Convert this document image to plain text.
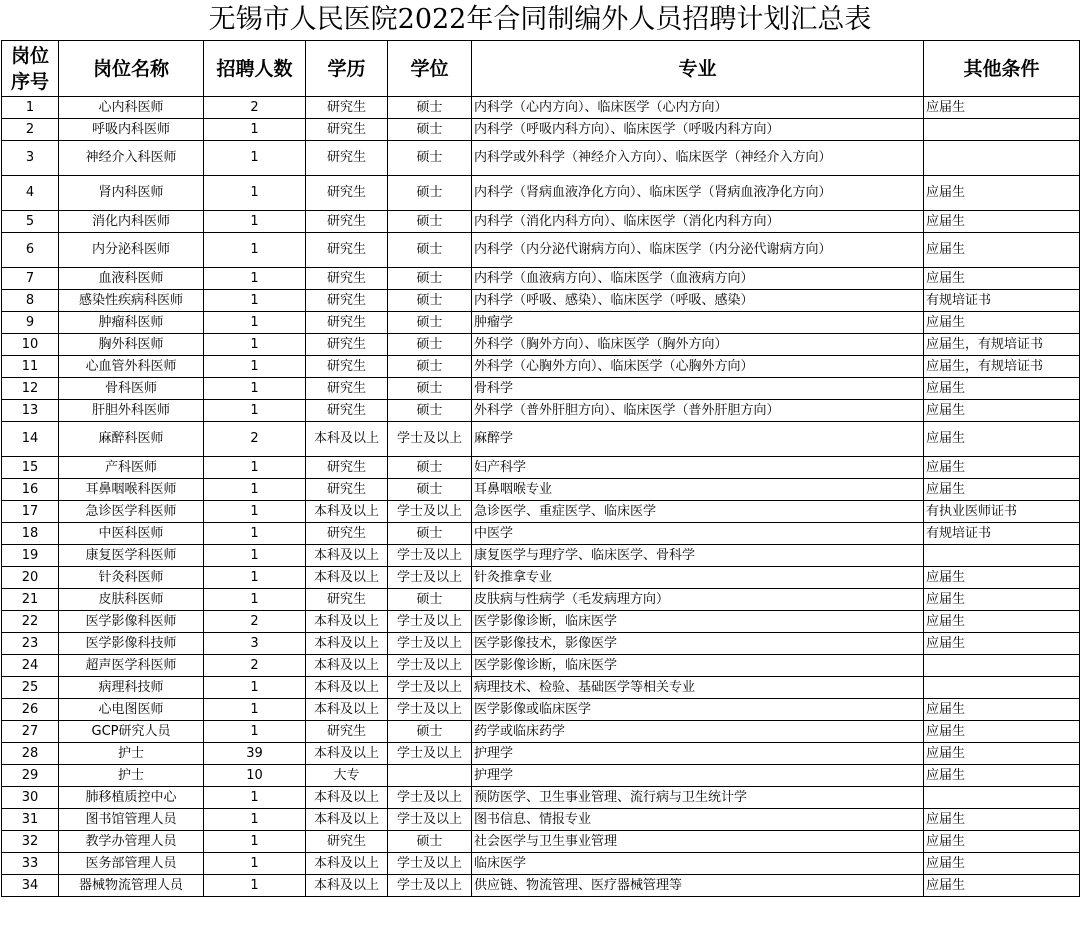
无锡市人民医院2022年合同制编外人员招聘计划汇总表
岗位序号	岗位名称	招聘人数	学历	学位	专业	其他条件
1	心内科医师	2	研究生	硕士	内科学（心内方向）、临床医学（心内方向）	应届生
2	呼吸内科医师	1	研究生	硕士	内科学（呼吸内科方向）、临床医学（呼吸内科方向）	
3	神经介入科医师	1	研究生	硕士	内科学或外科学（神经介入方向）、临床医学（神经介入方向）	
4	肾内科医师	1	研究生	硕士	内科学（肾病血液净化方向）、临床医学（肾病血液净化方向）	应届生
5	消化内科医师	1	研究生	硕士	内科学（消化内科方向）、临床医学（消化内科方向）	应届生
6	内分泌科医师	1	研究生	硕士	内科学（内分泌代谢病方向）、临床医学（内分泌代谢病方向）	应届生
7	血液科医师	1	研究生	硕士	内科学（血液病方向）、临床医学（血液病方向）	应届生
8	感染性疾病科医师	1	研究生	硕士	内科学（呼吸、感染）、临床医学（呼吸、感染）	有规培证书
9	肿瘤科医师	1	研究生	硕士	肿瘤学	应届生
10	胸外科医师	1	研究生	硕士	外科学（胸外方向）、临床医学（胸外方向）	应届生，有规培证书
11	心血管外科医师	1	研究生	硕士	外科学（心胸外方向）、临床医学（心胸外方向）	应届生，有规培证书
12	骨科医师	1	研究生	硕士	骨科学	应届生
13	肝胆外科医师	1	研究生	硕士	外科学（普外肝胆方向）、临床医学（普外肝胆方向）	应届生
14	麻醉科医师	2	本科及以上	学士及以上	麻醉学	应届生
15	产科医师	1	研究生	硕士	妇产科学	应届生
16	耳鼻咽喉科医师	1	研究生	硕士	耳鼻咽喉专业	应届生
17	急诊医学科医师	1	本科及以上	学士及以上	急诊医学、重症医学、临床医学	有执业医师证书
18	中医科医师	1	研究生	硕士	中医学	有规培证书
19	康复医学科医师	1	本科及以上	学士及以上	康复医学与理疗学、临床医学、骨科学	
20	针灸科医师	1	本科及以上	学士及以上	针灸推拿专业	应届生
21	皮肤科医师	1	研究生	硕士	皮肤病与性病学（毛发病理方向）	应届生
22	医学影像科医师	2	本科及以上	学士及以上	医学影像诊断，临床医学	应届生
23	医学影像科技师	3	本科及以上	学士及以上	医学影像技术，影像医学	应届生
24	超声医学科医师	2	本科及以上	学士及以上	医学影像诊断，临床医学	
25	病理科技师	1	本科及以上	学士及以上	病理技术、检验、基础医学等相关专业	
26	心电图医师	1	本科及以上	学士及以上	医学影像或临床医学	应届生
27	GCP研究人员	1	研究生	硕士	药学或临床药学	应届生
28	护士	39	本科及以上	学士及以上	护理学	应届生
29	护士	10	大专		护理学	应届生
30	肺移植质控中心	1	本科及以上	学士及以上	预防医学、卫生事业管理、流行病与卫生统计学	
31	图书馆管理人员	1	本科及以上	学士及以上	图书信息、情报专业	应届生
32	教学办管理人员	1	研究生	硕士	社会医学与卫生事业管理	应届生
33	医务部管理人员	1	本科及以上	学士及以上	临床医学	应届生
34	器械物流管理人员	1	本科及以上	学士及以上	供应链、物流管理、医疗器械管理等	应届生
